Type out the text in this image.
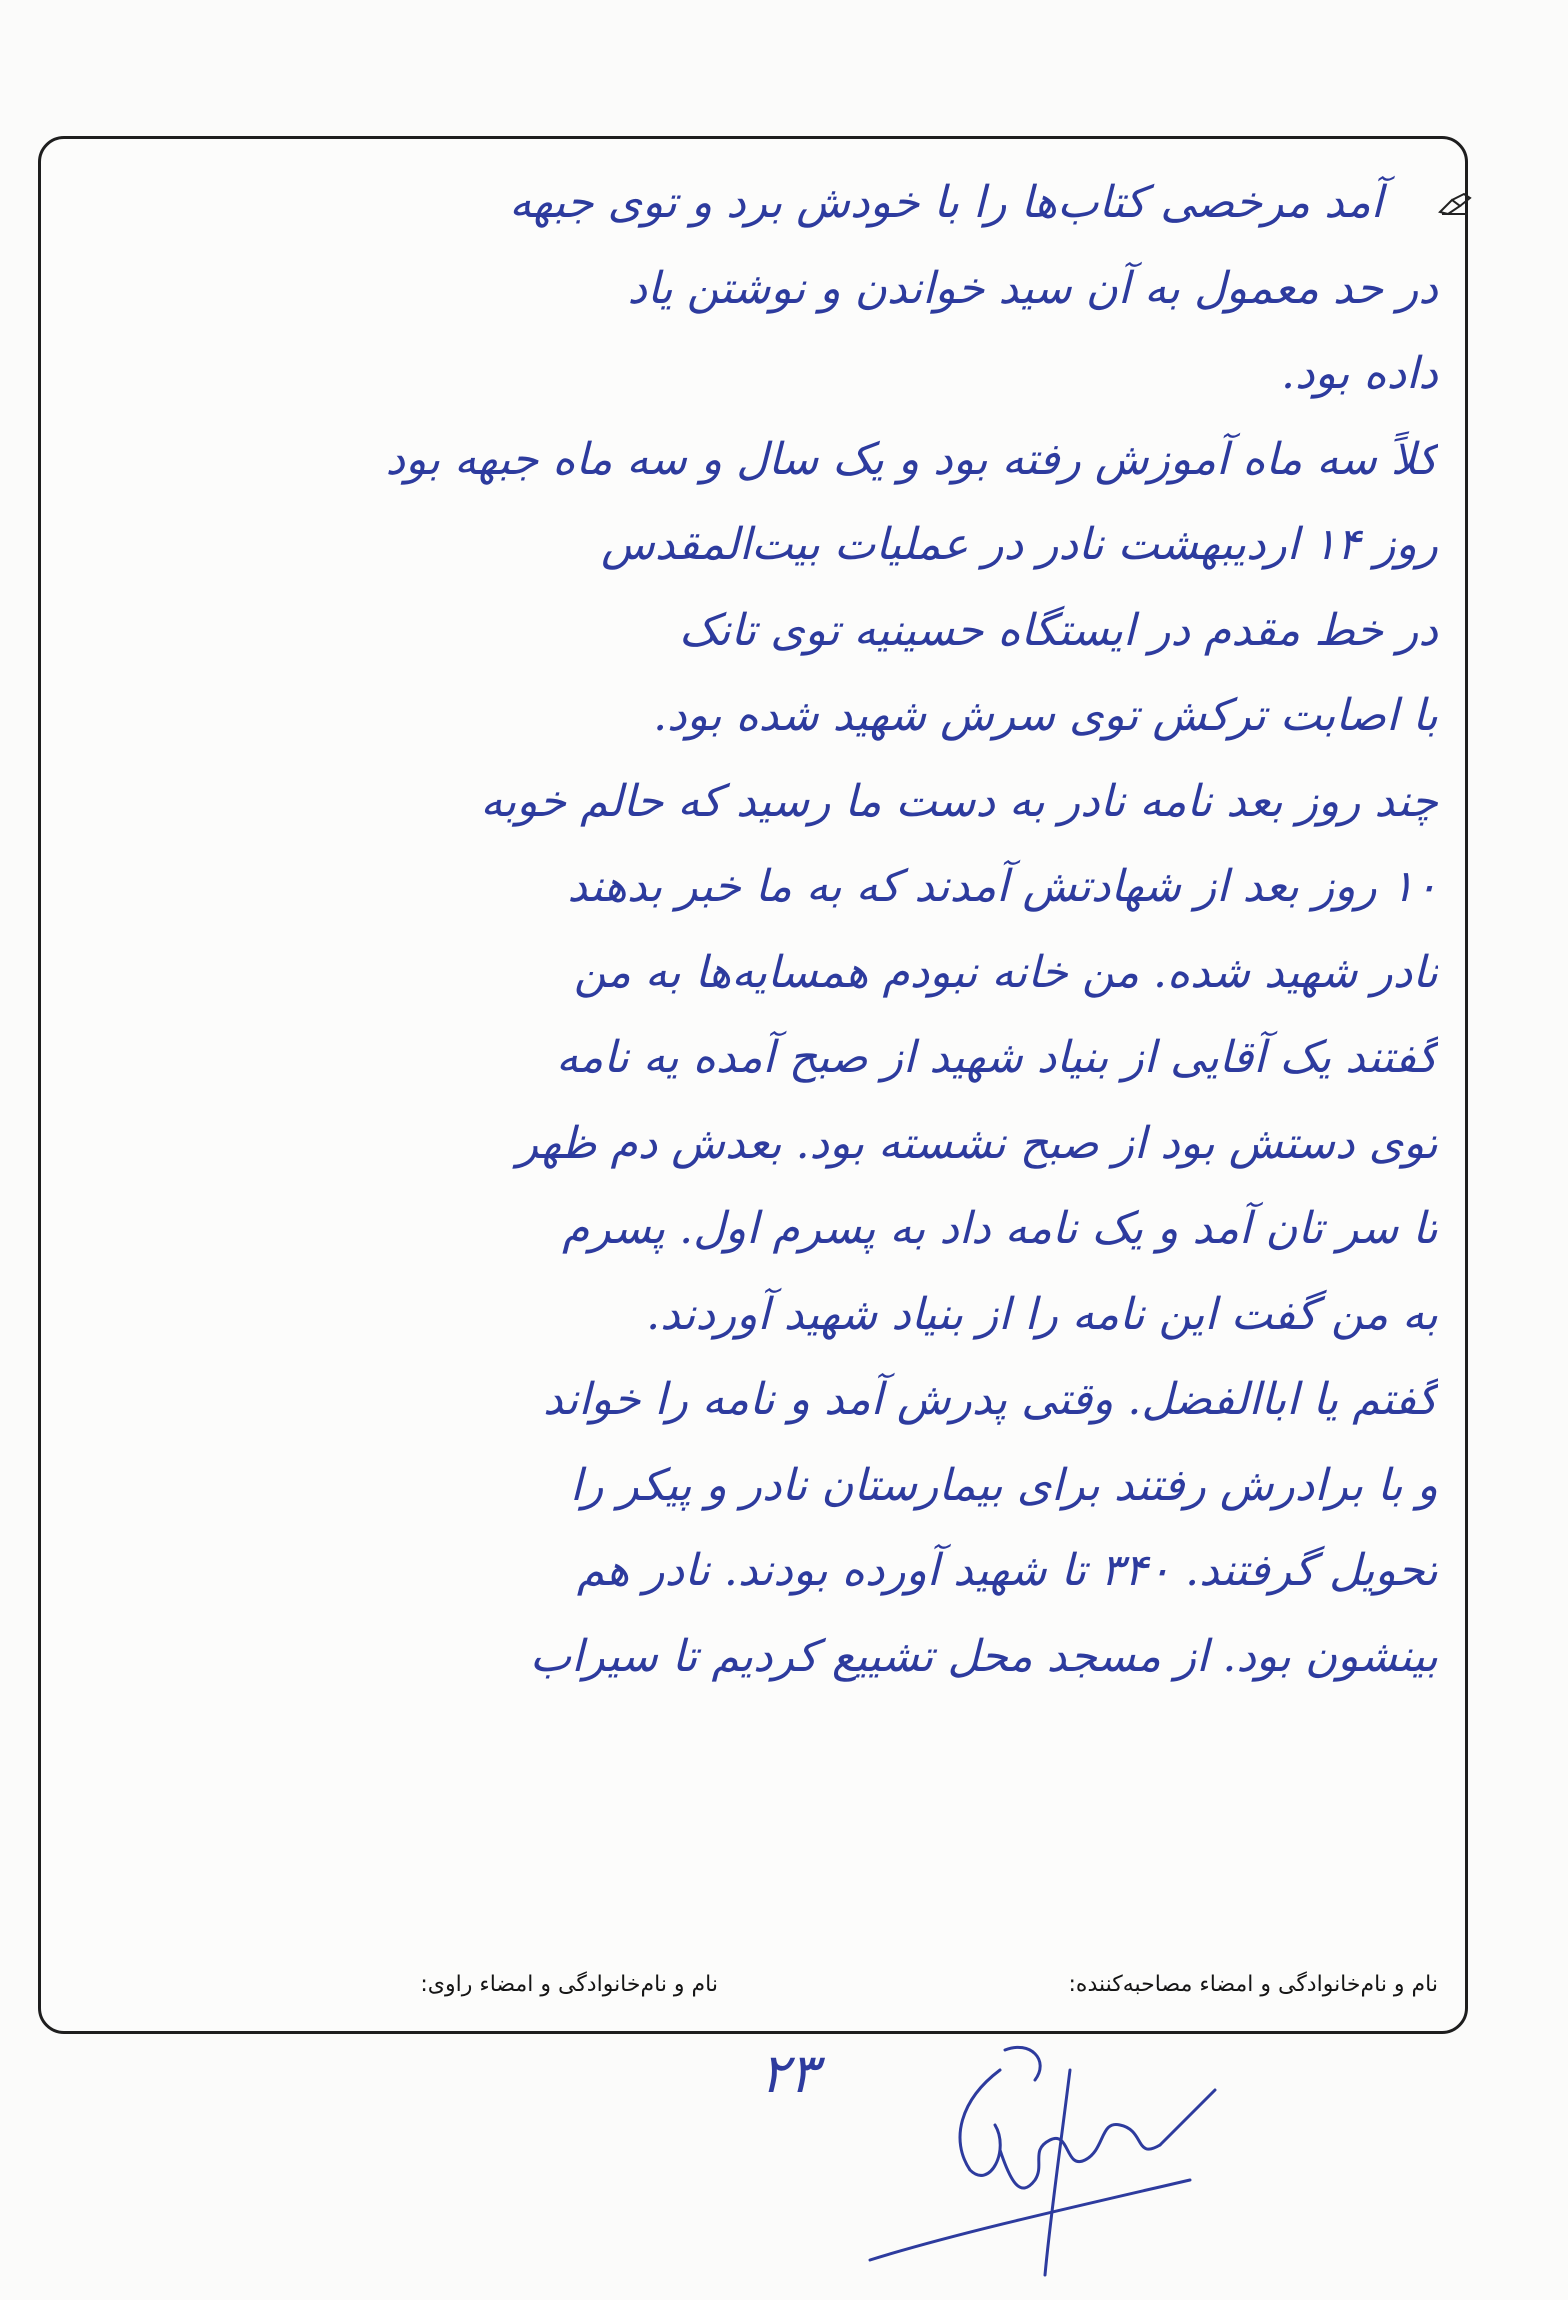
آمد مرخصی کتاب‌ها را با خودش برد و توی جبهه
در حد معمول به آن سید خواندن و نوشتن یاد
داده بود.
کلاً سه ماه آموزش رفته بود و یک سال و سه ماه جبهه بود
روز ۱۴ اردیبهشت نادر در عملیات بیت‌المقدس
در خط مقدم در ایستگاه حسینیه توی تانک
با اصابت ترکش توی سرش شهید شده بود.
چند روز بعد نامه نادر به دست ما رسید که حالم خوبه
۱۰ روز بعد از شهادتش آمدند که به ما خبر بدهند
نادر شهید شده. من خانه نبودم همسایه‌ها به من
گفتند یک آقایی از بنیاد شهید از صبح آمده یه نامه
توی دستش بود از صبح نشسته بود. بعدش دم ظهر
تا سر تان آمد و یک نامه داد به پسرم اول. پسرم
به من گفت این نامه را از بنیاد شهید آوردند.
گفتم یا اباالفضل. وقتی پدرش آمد و نامه را خواند
و با برادرش رفتند برای بیمارستان نادر و پیکر را
تحویل گرفتند. ۳۴۰ تا شهید آورده بودند. نادر هم
بینشون بود. از مسجد محل تشییع کردیم تا سیراب
نام و نام‌خانوادگی و امضاء مصاحبه‌کننده:
نام و نام‌خانوادگی و امضاء راوی:
۲۳
